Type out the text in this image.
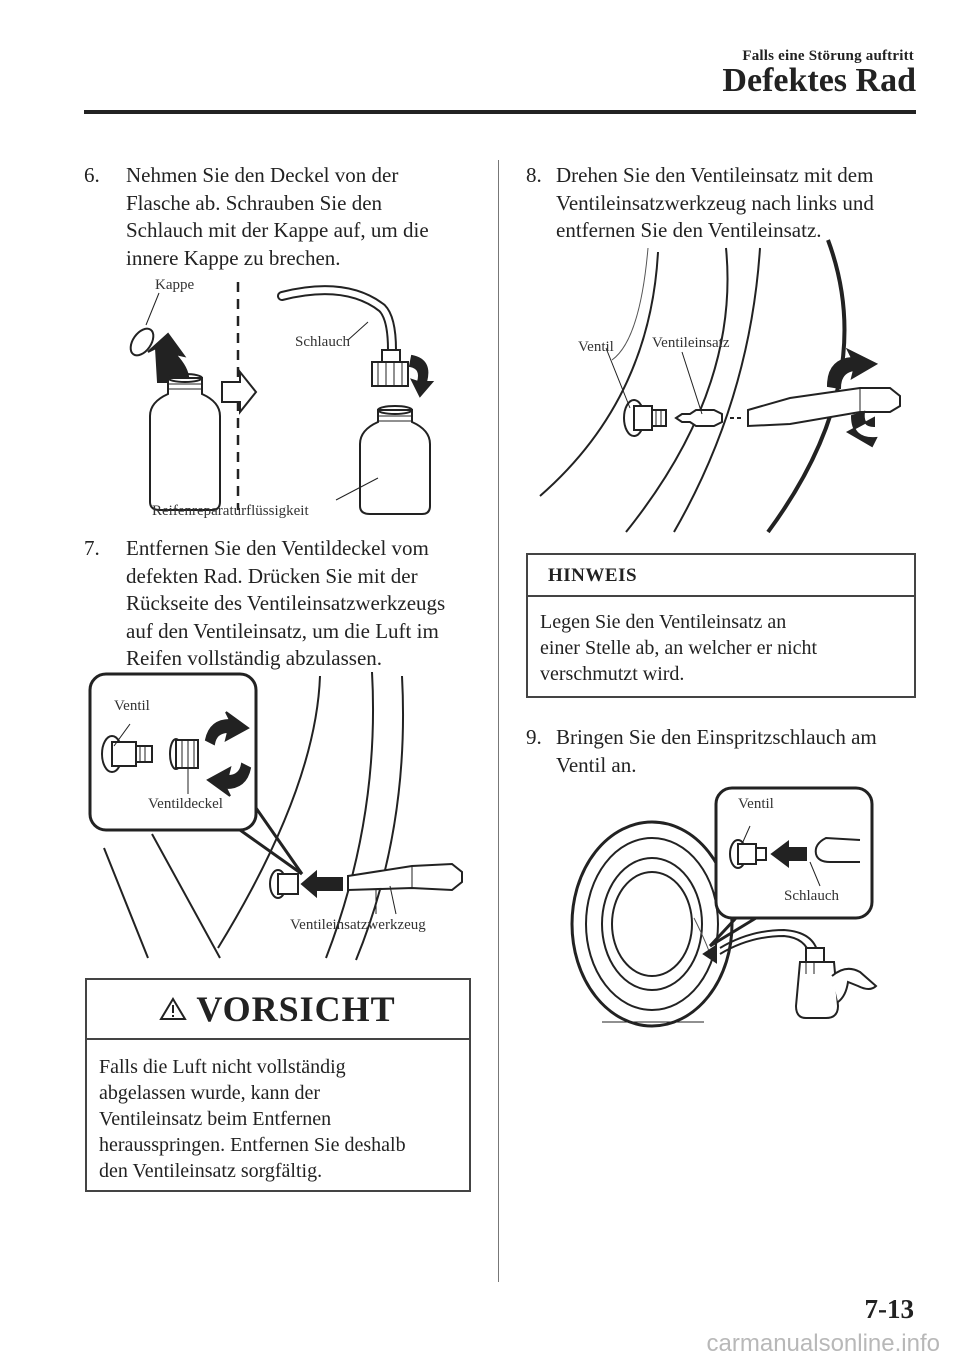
Falls eine Störung auftritt
Defektes Rad
6. Nehmen Sie den Deckel von der
Flasche ab. Schrauben Sie den
Schlauch mit der Kappe auf, um die
innere Kappe zu brechen.
Kappe
Schlauch
Reifenreparaturflüssigkeit
7. Entfernen Sie den Ventildeckel vom
defekten Rad. Drücken Sie mit der
Rückseite des Ventileinsatzwerkzeugs
auf den Ventileinsatz, um die Luft im
Reifen vollständig abzulassen.
Ventil
Ventildeckel
Ventileinsatzwerkzeug
VORSICHT
Falls die Luft nicht vollständig
abgelassen wurde, kann der
Ventileinsatz beim Entfernen
herausspringen. Entfernen Sie deshalb
den Ventileinsatz sorgfältig.
8. Drehen Sie den Ventileinsatz mit dem
Ventileinsatzwerkzeug nach links und
entfernen Sie den Ventileinsatz.
Ventil	Ventileinsatz
HINWEIS
Legen Sie den Ventileinsatz an
einer Stelle ab, an welcher er nicht
verschmutzt wird.
9. Bringen Sie den Einspritzschlauch am
Ventil an.
Ventil
Schlauch
7-13
carmanualsonline.info
